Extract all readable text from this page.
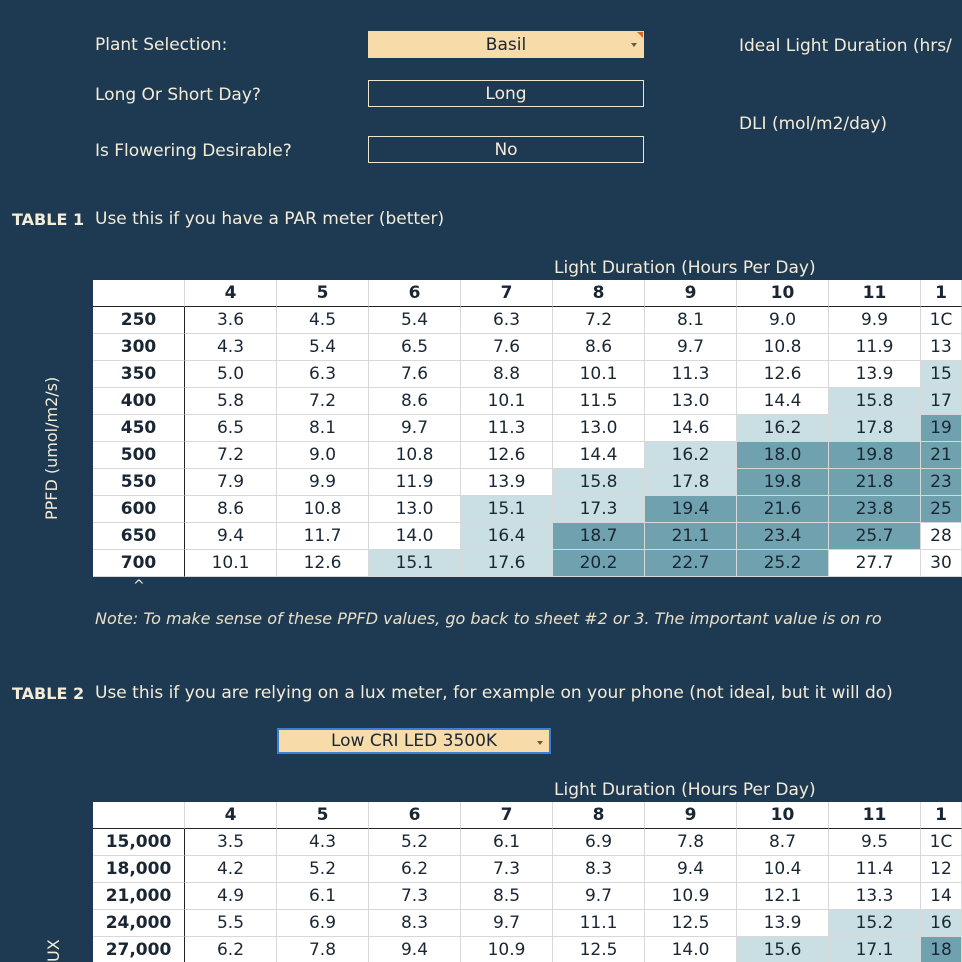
Plant Selection:	Basil
Long Or Short Day?	Long
Is Flowering Desirable?	No
Ideal Light Duration (hrs/
DLI (mol/m2/day)
TABLE 1 Use this if you have a PAR meter (better)
Light Duration (Hours Per Day)
PPFD (umol/m2/s)
^
4	5	6	7	8	9	10	11	1
250	3.6	4.5	5.4	6.3	7.2	8.1	9.0	9.9	1C
300	4.3	5.4	6.5	7.6	8.6	9.7	10.8	11.9	13
350	5.0	6.3	7.6	8.8	10.1	11.3	12.6	13.9	15
400	5.8	7.2	8.6	10.1	11.5	13.0	14.4	15.8	17
450	6.5	8.1	9.7	11.3	13.0	14.6	16.2	17.8	19
500	7.2	9.0	10.8	12.6	14.4	16.2	18.0	19.8	21
550	7.9	9.9	11.9	13.9	15.8	17.8	19.8	21.8	23
600	8.6	10.8	13.0	15.1	17.3	19.4	21.6	23.8	25
650	9.4	11.7	14.0	16.4	18.7	21.1	23.4	25.7	28
700	10.1	12.6	15.1	17.6	20.2	22.7	25.2	27.7	30
Note: To make sense of these PPFD values, go back to sheet #2 or 3. The important value is on ro
TABLE 2 Use this if you are relying on a lux meter, for example on your phone (not ideal, but it will do)
Low CRI LED 3500K
Light Duration (Hours Per Day)
UX
4	5	6	7	8	9	10	11	1
15,000	3.5	4.3	5.2	6.1	6.9	7.8	8.7	9.5	1C
18,000	4.2	5.2	6.2	7.3	8.3	9.4	10.4	11.4	12
21,000	4.9	6.1	7.3	8.5	9.7	10.9	12.1	13.3	14
24,000	5.5	6.9	8.3	9.7	11.1	12.5	13.9	15.2	16
27,000	6.2	7.8	9.4	10.9	12.5	14.0	15.6	17.1	18
